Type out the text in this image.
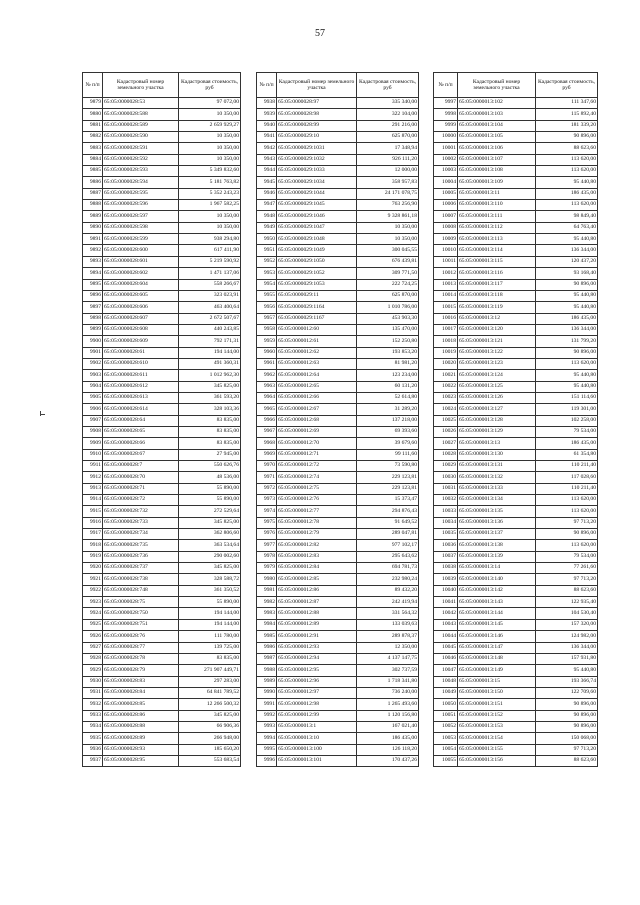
57
№ п/п	Кадастровый номер земельного участка	Кадастровая стоимость, руб
9879	65:05:0000028:53	97 072,00
9880	65:05:0000028:588	10 350,00
9881	65:05:0000028:589	2 659 929,27
9882	65:05:0000028:590	10 350,00
9883	65:05:0000028:591	10 350,00
9884	65:05:0000028:592	10 350,00
9885	65:05:0000028:593	5 349 832,60
9886	65:05:0000028:594	5 181 763,82
9887	65:05:0000028:595	5 352 243,23
9888	65:05:0000028:596	1 967 582,25
9889	65:05:0000028:597	10 350,00
9890	65:05:0000028:598	10 350,00
9891	65:05:0000028:599	938 294,80
9892	65:05:0000028:600	617 411,90
9893	65:05:0000028:601	5 219 590,92
9894	65:05:0000028:602	1 471 137,06
9895	65:05:0000028:604	558 266,67
9896	65:05:0000028:605	323 023,91
9897	65:05:0000028:606	463 400,64
9898	65:05:0000028:607	2 672 507,67
9899	65:05:0000028:608	440 243,85
9900	65:05:0000028:609	792 171,31
9901	65:05:0000028:61	194 144,00
9902	65:05:0000028:610	491 360,31
9903	65:05:0000028:611	1 012 962,30
9904	65:05:0000028:612	345 825,00
9905	65:05:0000028:613	361 593,20
9906	65:05:0000028:614	328 103,36
9907	65:05:0000028:64	83 835,00
9908	65:05:0000028:65	83 835,00
9909	65:05:0000028:66	83 835,00
9910	65:05:0000028:67	27 945,00
9911	65:05:0000028:7	550 626,76
9912	65:05:0000028:70	48 536,00
9913	65:05:0000028:71	55 890,00
9914	65:05:0000028:72	55 890,00
9915	65:05:0000028:732	272 529,64
9916	65:05:0000028:733	345 825,00
9917	65:05:0000028:734	362 806,60
9918	65:05:0000028:735	363 534,64
9919	65:05:0000028:736	290 002,60
9920	65:05:0000028:737	345 825,00
9921	65:05:0000028:738	328 588,72
9922	65:05:0000028:748	361 350,52
9923	65:05:0000028:75	55 890,00
9924	65:05:0000028:750	194 144,00
9925	65:05:0000028:751	194 144,00
9926	65:05:0000028:76	111 780,00
9927	65:05:0000028:77	139 725,00
9928	65:05:0000028:78	83 835,00
9929	65:05:0000028:79	271 907 449,71
9930	65:05:0000028:83	297 283,00
9931	65:05:0000028:84	64 841 789,52
9932	65:05:0000028:85	12 266 500,32
9933	65:05:0000028:86	345 825,00
9934	65:05:0000028:88	66 906,36
9935	65:05:0000028:89	266 948,00
9936	65:05:0000028:93	185 650,20
9937	65:05:0000028:95	553 683,54
№ п/п	Кадастровый номер земельного участка	Кадастровая стоимость, руб
9938	65:05:0000028:97	335 340,00
9939	65:05:0000028:98	322 104,00
9940	65:05:0000028:99	291 216,00
9941	65:05:0000029:10	625 870,00
9942	65:05:0000029:1031	17 348,94
9943	65:05:0000029:1032	926 111,20
9944	65:05:0000029:1033	12 000,00
9945	65:05:0000029:1034	358 957,83
9946	65:05:0000029:1044	24 171 078,75
9947	65:05:0000029:1045	763 256,90
9948	65:05:0000029:1046	9 328 861,18
9949	65:05:0000029:1047	10 350,00
9950	65:05:0000029:1048	10 350,00
9951	65:05:0000029:1049	300 045,55
9952	65:05:0000029:1050	676 439,81
9953	65:05:0000029:1052	309 771,50
9954	65:05:0000029:1053	222 724,25
9955	65:05:0000029:11	625 870,00
9956	65:05:0000029:1164	1 010 786,00
9957	65:05:0000029:1167	453 903,30
9958	65:05:0000012:60	135 470,00
9959	65:05:0000012:61	152 250,80
9960	65:05:0000012:62	193 853,20
9961	65:05:0000012:63	81 981,20
9962	65:05:0000012:64	123 234,00
9963	65:05:0000012:65	60 131,20
9964	65:05:0000012:66	52 614,80
9965	65:05:0000012:67	31 289,20
9966	65:05:0000012:68	137 218,00
9967	65:05:0000012:69	69 393,60
9968	65:05:0000012:70	39 679,60
9969	65:05:0000012:71	99 111,60
9970	65:05:0000012:72	73 590,80
9971	65:05:0000012:74	229 123,81
9972	65:05:0000012:75	229 123,81
9973	65:05:0000012:76	15 373,47
9974	65:05:0000012:77	294 876,43
9975	65:05:0000012:78	91 649,52
9976	65:05:0000012:79	289 047,81
9977	65:05:0000012:82	977 102,17
9978	65:05:0000012:83	295 643,62
9979	65:05:0000012:84	694 781,73
9980	65:05:0000012:85	232 980,24
9981	65:05:0000012:86	89 432,20
9982	65:05:0000012:87	242 419,94
9983	65:05:0000012:88	331 564,32
9984	65:05:0000012:89	133 039,63
9985	65:05:0000012:91	289 878,37
9986	65:05:0000012:93	12 350,00
9987	65:05:0000012:94	4 137 147,75
9988	65:05:0000012:95	302 737,59
9989	65:05:0000012:96	1 718 341,80
9990	65:05:0000012:97	736 240,00
9991	65:05:0000012:98	1 265 493,60
9992	65:05:0000012:99	1 120 156,80
9993	65:05:0000013:1	167 021,40
9994	65:05:0000013:10	186 435,00
9995	65:05:0000013:100	126 118,20
9996	65:05:0000013:101	170 437,26
№ п/п	Кадастровый номер земельного участка	Кадастровая стоимость, руб
9997	65:05:0000013:102	111 347,60
9998	65:05:0000013:103	115 892,40
9999	65:05:0000013:104	181 339,20
10000	65:05:0000013:105	90 896,00
10001	65:05:0000013:106	88 623,60
10002	65:05:0000013:107	113 620,00
10003	65:05:0000013:108	113 620,00
10004	65:05:0000013:109	95 440,80
10005	65:05:0000013:11	186 435,00
10006	65:05:0000013:110	113 620,00
10007	65:05:0000013:111	98 849,40
10008	65:05:0000013:112	64 763,40
10009	65:05:0000013:113	95 440,80
10010	65:05:0000013:114	136 344,00
10011	65:05:0000013:115	120 437,20
10012	65:05:0000013:116	93 168,40
10013	65:05:0000013:117	90 896,00
10014	65:05:0000013:118	95 440,80
10015	65:05:0000013:119	95 440,80
10016	65:05:0000013:12	186 435,00
10017	65:05:0000013:120	136 344,00
10018	65:05:0000013:121	131 799,20
10019	65:05:0000013:122	90 896,00
10020	65:05:0000013:123	113 620,00
10021	65:05:0000013:124	95 440,80
10022	65:05:0000013:125	95 440,80
10023	65:05:0000013:126	151 114,60
10024	65:05:0000013:127	119 301,00
10025	65:05:0000013:128	102 258,00
10026	65:05:0000013:129	79 534,00
10027	65:05:0000013:13	186 435,00
10028	65:05:0000013:130	61 354,80
10029	65:05:0000013:131	110 211,40
10030	65:05:0000013:132	117 028,60
10031	65:05:0000013:133	110 211,40
10032	65:05:0000013:134	113 620,00
10033	65:05:0000013:135	113 620,00
10034	65:05:0000013:136	97 713,20
10035	65:05:0000013:137	90 896,00
10036	65:05:0000013:138	113 620,00
10037	65:05:0000013:139	79 534,00
10038	65:05:0000013:14	77 261,60
10039	65:05:0000013:140	97 713,20
10040	65:05:0000013:142	88 623,60
10041	65:05:0000013:143	122 935,40
10042	65:05:0000013:144	104 530,40
10043	65:05:0000013:145	157 320,00
10044	65:05:0000013:146	124 982,00
10045	65:05:0000013:147	136 344,00
10046	65:05:0000013:148	157 931,80
10047	65:05:0000013:149	95 440,80
10048	65:05:0000013:15	193 366,74
10049	65:05:0000013:150	122 709,60
10050	65:05:0000013:151	90 896,00
10051	65:05:0000013:152	90 896,00
10052	65:05:0000013:153	90 896,00
10053	65:05:0000013:154	150 068,00
10054	65:05:0000013:155	97 713,20
10055	65:05:0000013:156	88 623,60
